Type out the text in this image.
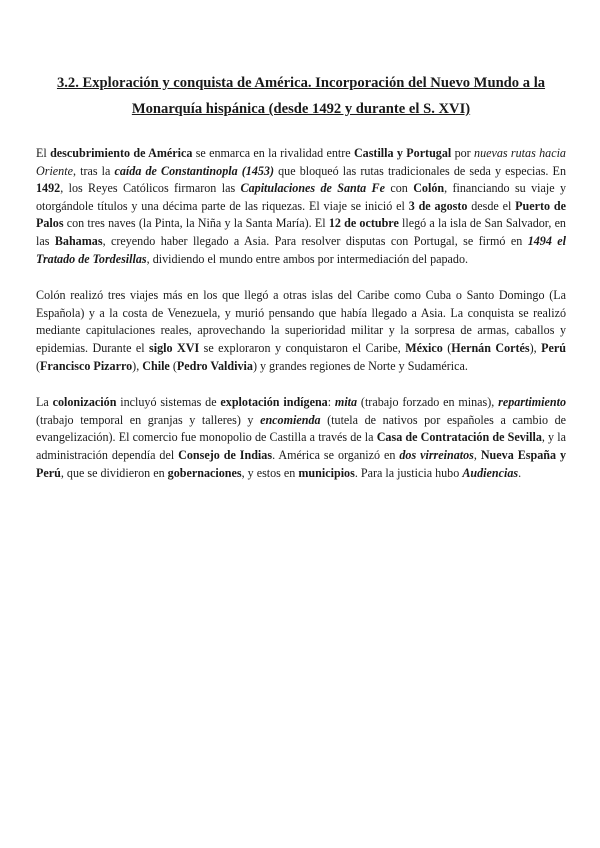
3.2. Exploración y conquista de América. Incorporación del Nuevo Mundo a la Monarquía hispánica (desde 1492 y durante el S. XVI)

El descubrimiento de América se enmarca en la rivalidad entre Castilla y Portugal por nuevas rutas hacia Oriente, tras la caída de Constantinopla (1453) que bloqueó las rutas tradicionales de seda y especias. En 1492, los Reyes Católicos firmaron las Capitulaciones de Santa Fe con Colón, financiando su viaje y otorgándole títulos y una décima parte de las riquezas. El viaje se inició el 3 de agosto desde el Puerto de Palos con tres naves (la Pinta, la Niña y la Santa María). El 12 de octubre llegó a la isla de San Salvador, en las Bahamas, creyendo haber llegado a Asia. Para resolver disputas con Portugal, se firmó en 1494 el Tratado de Tordesillas, dividiendo el mundo entre ambos por intermediación del papado.

Colón realizó tres viajes más en los que llegó a otras islas del Caribe como Cuba o Santo Domingo (La Española) y a la costa de Venezuela, y murió pensando que había llegado a Asia. La conquista se realizó mediante capitulaciones reales, aprovechando la superioridad militar y la sorpresa de armas, caballos y epidemias. Durante el siglo XVI se exploraron y conquistaron el Caribe, México (Hernán Cortés), Perú (Francisco Pizarro), Chile (Pedro Valdivia) y grandes regiones de Norte y Sudamérica.

La colonización incluyó sistemas de explotación indígena: mita (trabajo forzado en minas), repartimiento (trabajo temporal en granjas y talleres) y encomienda (tutela de nativos por españoles a cambio de evangelización). El comercio fue monopolio de Castilla a través de la Casa de Contratación de Sevilla, y la administración dependía del Consejo de Indias. América se organizó en dos virreinatos, Nueva España y Perú, que se dividieron en gobernaciones, y estos en municipios. Para la justicia hubo Audiencias.
